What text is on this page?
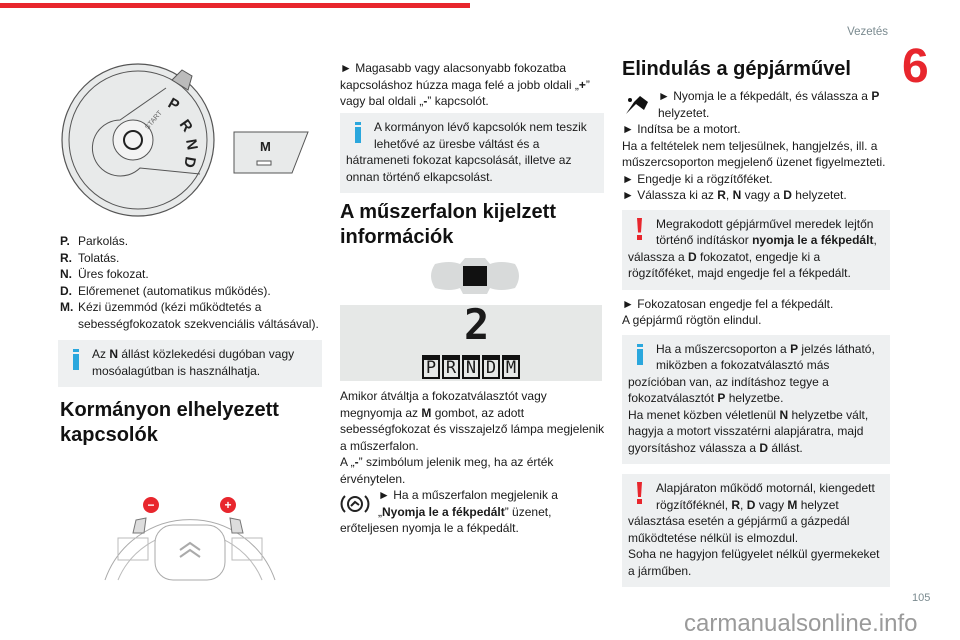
Vezetés
6
carmanualsonline.info
105
P
R
N
D
START
M
P. Parkolás.
R. Tolatás.
N. Üres fokozat.
D. Előremenet (automatikus működés).
M. Kézi üzemmód (kézi működtetés a sebességfokozatok szekvenciális váltásával).
Az N állást közlekedési dugóban vagy mosóalagútban is használhatja.
Kormányon elhelyezett kapcsolók
−	+
► Magasabb vagy alacsonyabb fokozatba kapcsoláshoz húzza maga felé a jobb oldali „+” vagy bal oldali „-” kapcsolót.
A kormányon lévő kapcsolók nem teszik lehetővé az üresbe váltást és a hátrameneti fokozat kapcsolását, illetve az onnan történő elkapcsolást.
A műszerfalon kijelzett információk
2
P R N D M
Amikor átváltja a fokozatválasztót vagy megnyomja az M gombot, az adott sebességfokozat és visszajelző lámpa megjelenik a műszerfalon.
A „-” szimbólum jelenik meg, ha az érték érvénytelen.
► Ha a műszerfalon megjelenik a „Nyomja le a fékpedált” üzenet, erőteljesen nyomja le a fékpedált.
Elindulás a gépjárművel
► Nyomja le a fékpedált, és válassza a P helyzetet.
► Indítsa be a motort.
Ha a feltételek nem teljesülnek, hangjelzés, ill. a műszercsoporton megjelenő üzenet figyelmezteti.
► Engedje ki a rögzítőféket.
► Válassza ki az R, N vagy a D helyzetet.
Megrakodott gépjárművel meredek lejtőn történő indításkor nyomja le a fékpedált, válassza a D fokozatot, engedje ki a rögzítőféket, majd engedje fel a fékpedált.
► Fokozatosan engedje fel a fékpedált.
A gépjármű rögtön elindul.
Ha a műszercsoporton a P jelzés látható, miközben a fokozatválasztó más pozícióban van, az indításhoz tegye a fokozatválasztót P helyzetbe.
Ha menet közben véletlenül N helyzetbe vált, hagyja a motort visszatérni alapjáratra, majd gyorsításhoz válassza a D állást.
Alapjáraton működő motornál, kiengedett rögzítőféknél, R, D vagy M helyzet választása esetén a gépjármű a gázpedál működtetése nélkül is elmozdul.
Soha ne hagyjon felügyelet nélkül gyermekeket a járműben.
